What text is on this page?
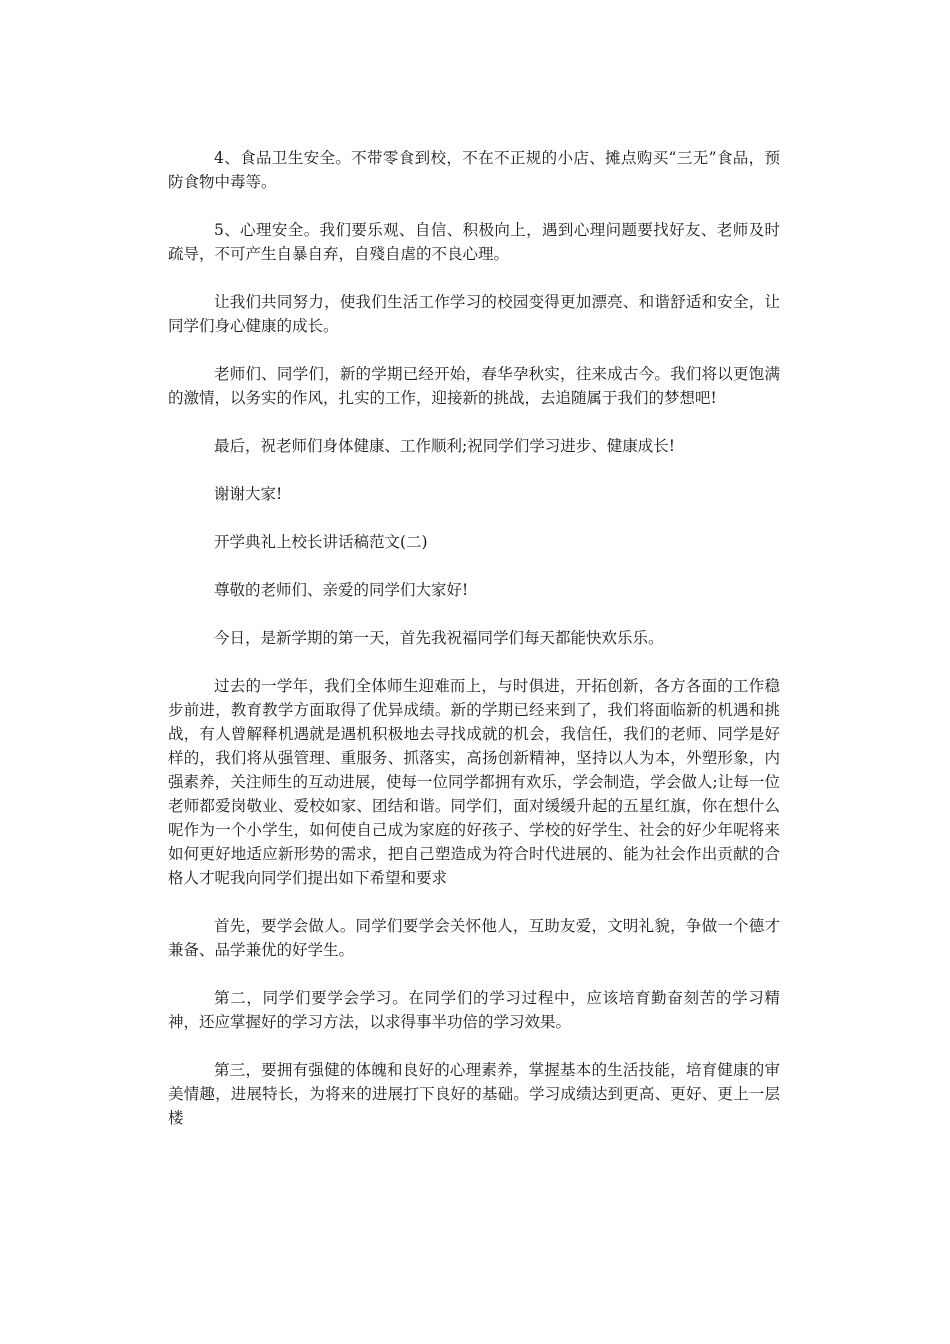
4、食品卫生安全。不带零食到校，不在不正规的小店、摊点购买“三无”食品，预防食物中毒等。

5、心理安全。我们要乐观、自信、积极向上，遇到心理问题要找好友、老师及时疏导，不可产生自暴自弃，自殘自虐的不良心理。

让我们共同努力，使我们生活工作学习的校园变得更加漂亮、和谐舒适和安全，让同学们身心健康的成长。

老师们、同学们，新的学期已经开始，春华孕秋实，往来成古今。我们将以更饱满的激情，以务实的作风，扎实的工作，迎接新的挑战，去追随属于我们的梦想吧!

最后，祝老师们身体健康、工作顺利;祝同学们学习进步、健康成长!

谢谢大家!

开学典礼上校长讲话稿范文(二)

尊敬的老师们、亲爱的同学们大家好!

今日，是新学期的第一天，首先我祝福同学们每天都能快欢乐乐。

过去的一学年，我们全体师生迎难而上，与时俱进，开拓创新，各方各面的工作稳步前进，教育教学方面取得了优异成绩。新的学期已经来到了，我们将面临新的机遇和挑战，有人曾解释机遇就是遇机积极地去寻找成就的机会，我信任，我们的老师、同学是好样的，我们将从强管理、重服务、抓落实，高扬创新精神，坚持以人为本，外塑形象，内强素养，关注师生的互动进展，使每一位同学都拥有欢乐，学会制造，学会做人;让每一位老师都爱岗敬业、爱校如家、团结和谐。同学们，面对缓缓升起的五星红旗，你在想什么呢作为一个小学生，如何使自己成为家庭的好孩子、学校的好学生、社会的好少年呢将来如何更好地适应新形势的需求，把自己塑造成为符合时代进展的、能为社会作出贡献的合格人才呢我向同学们提出如下希望和要求

首先，要学会做人。同学们要学会关怀他人，互助友爱，文明礼貌，争做一个德才兼备、品学兼优的好学生。

第二，同学们要学会学习。在同学们的学习过程中，应该培育勤奋刻苦的学习精神，还应掌握好的学习方法，以求得事半功倍的学习效果。

第三，要拥有强健的体魄和良好的心理素养，掌握基本的生活技能，培育健康的审美情趣，进展特长，为将来的进展打下良好的基础。学习成绩达到更高、更好、更上一层楼
